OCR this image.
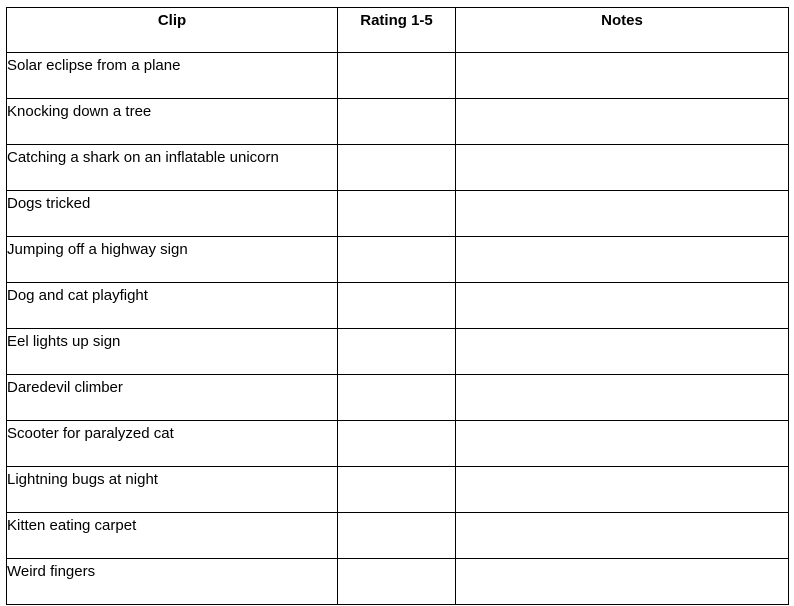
Clip	Rating 1-5	Notes
Solar eclipse from a plane		
Knocking down a tree		
Catching a shark on an inflatable unicorn		
Dogs tricked		
Jumping off a highway sign		
Dog and cat playfight		
Eel lights up sign		
Daredevil climber		
Scooter for paralyzed cat		
Lightning bugs at night		
Kitten eating carpet		
Weird fingers		
